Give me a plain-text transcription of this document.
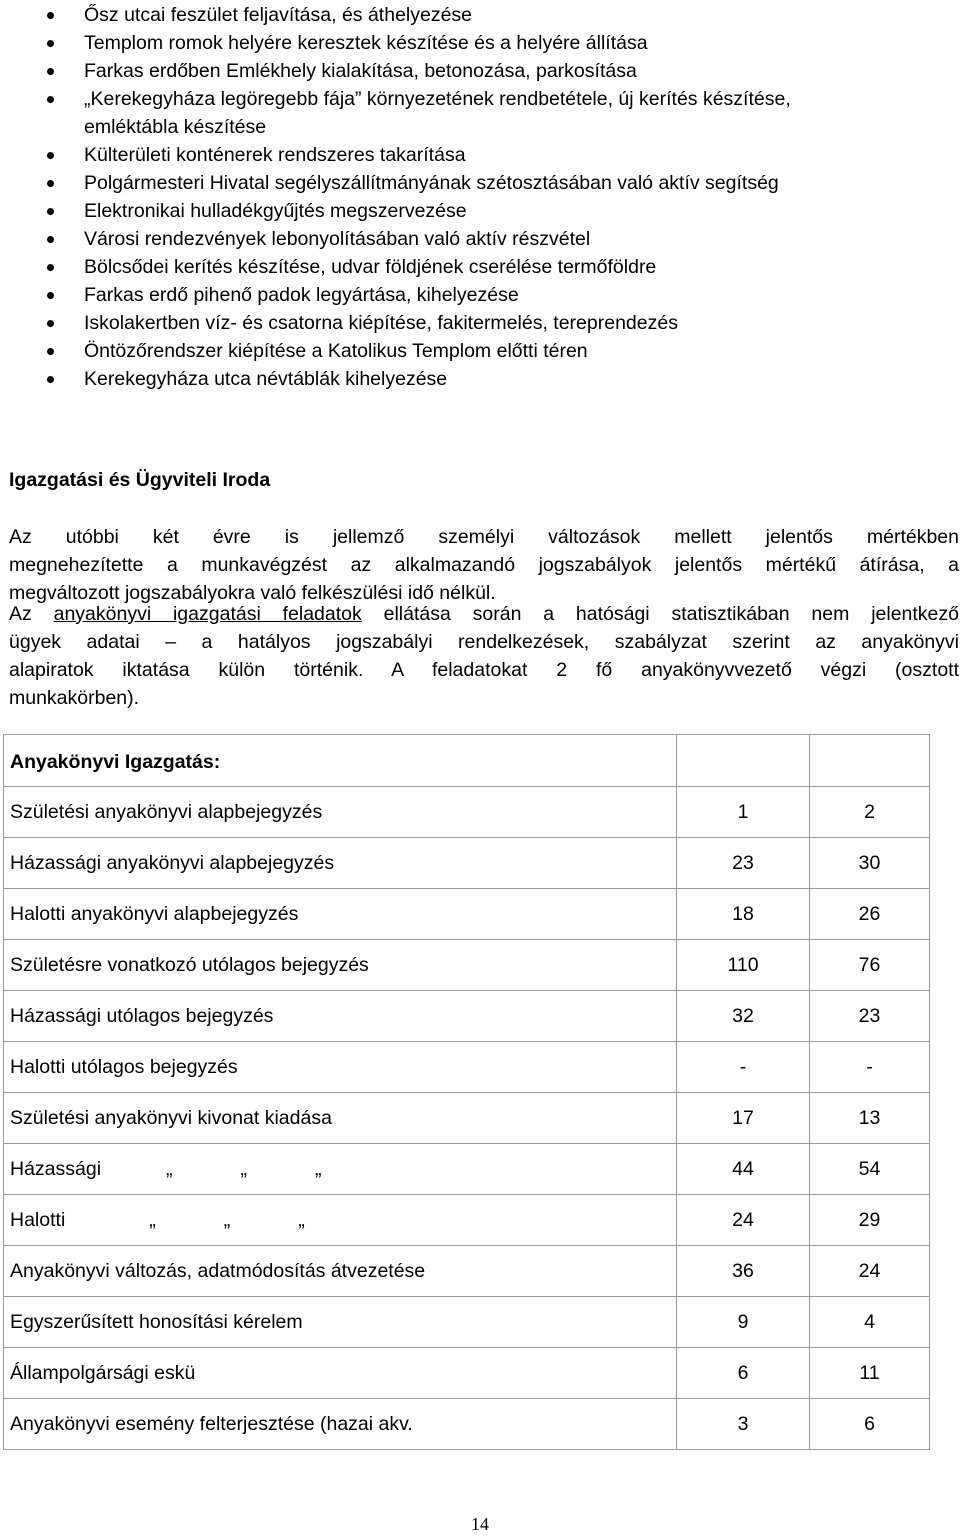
Ősz utcai feszület feljavítása, és áthelyezése
Templom romok helyére keresztek készítése és a helyére állítása
Farkas erdőben Emlékhely kialakítása, betonozása, parkosítása
„Kerekegyháza legöregebb fája” környezetének rendbetétele, új kerítés készítése,
emléktábla készítése
Külterületi konténerek rendszeres takarítása
Polgármesteri Hivatal segélyszállítmányának szétosztásában való aktív segítség
Elektronikai hulladékgyűjtés megszervezése
Városi rendezvények lebonyolításában való aktív részvétel
Bölcsődei kerítés készítése, udvar földjének cserélése termőföldre
Farkas erdő pihenő padok legyártása, kihelyezése
Iskolakertben víz- és csatorna kiépítése, fakitermelés, tereprendezés
Öntözőrendszer kiépítése a Katolikus Templom előtti téren
Kerekegyháza utca névtáblák kihelyezése
Igazgatási és Ügyviteli Iroda
Az utóbbi két évre is jellemző személyi változások mellett jelentős mértékben
megnehezítette a munkavégzést az alkalmazandó jogszabályok jelentős mértékű átírása, a
megváltozott jogszabályokra való felkészülési idő nélkül.
Az anyakönyvi igazgatási feladatok ellátása során a hatósági statisztikában nem jelentkező
ügyek adatai – a hatályos jogszabályi rendelkezések, szabályzat szerint az anyakönyvi
alapiratok iktatása külön történik. A feladatokat 2 fő anyakönyvvezető végzi (osztott
munkakörben).
Anyakönyvi Igazgatás:		
Születési anyakönyvi alapbejegyzés	1	2
Házassági anyakönyvi alapbejegyzés	23	30
Halotti anyakönyvi alapbejegyzés	18	26
Születésre vonatkozó utólagos bejegyzés	110	76
Házassági utólagos bejegyzés	32	23
Halotti utólagos bejegyzés	-	-
Születési anyakönyvi kivonat kiadása	17	13
Házassági „ „ „	44	54
Halotti „ „ „	24	29
Anyakönyvi változás, adatmódosítás átvezetése	36	24
Egyszerűsített honosítási kérelem	9	4
Állampolgársági eskü	6	11
Anyakönyvi esemény felterjesztése (hazai akv.	3	6
14
